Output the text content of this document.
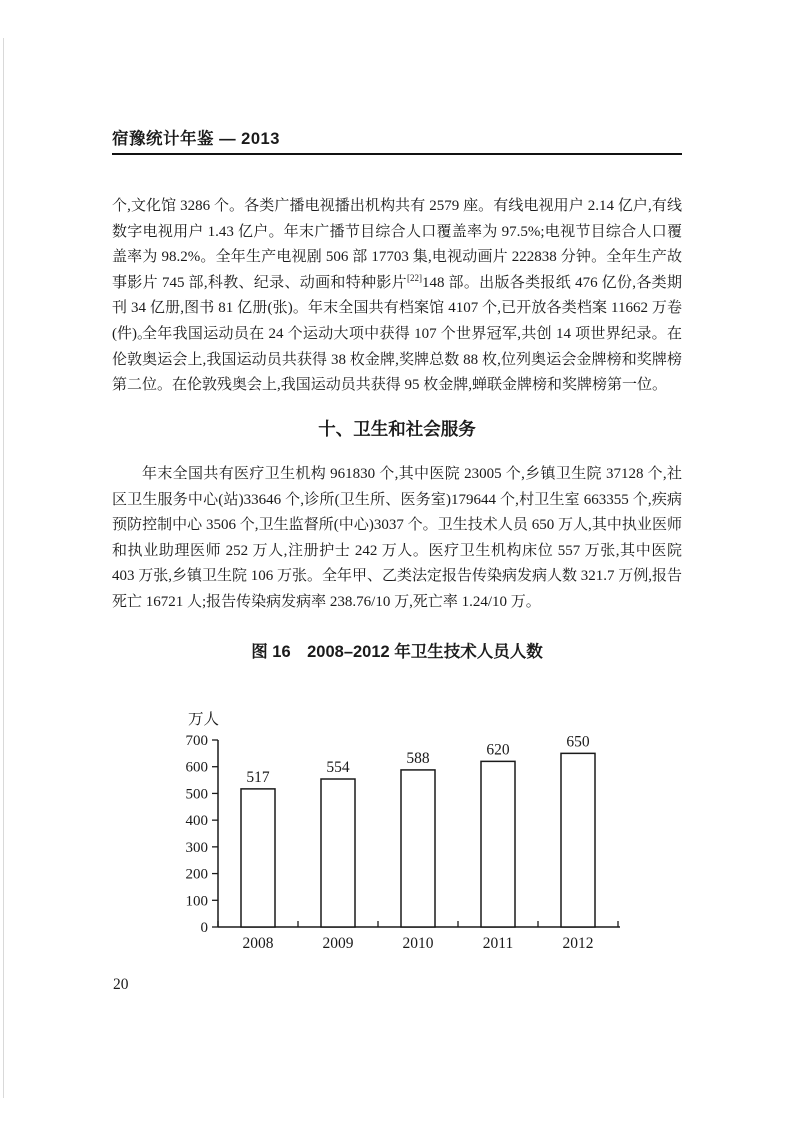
宿豫统计年鉴 — 2013

个,文化馆 3286 个。各类广播电视播出机构共有 2579 座。有线电视用户 2.14 亿户,有线数字电视用户 1.43 亿户。年末广播节目综合人口覆盖率为 97.5%;电视节目综合人口覆盖率为 98.2%。全年生产电视剧 506 部 17703 集,电视动画片 222838 分钟。全年生产故事影片 745 部,科教、纪录、动画和特种影片[22]148 部。出版各类报纸 476 亿份,各类期刊 34 亿册,图书 81 亿册(张)。年末全国共有档案馆 4107 个,已开放各类档案 11662 万卷(件)。

全年我国运动员在 24 个运动大项中获得 107 个世界冠军,共创 14 项世界纪录。在伦敦奥运会上,我国运动员共获得 38 枚金牌,奖牌总数 88 枚,位列奥运会金牌榜和奖牌榜第二位。在伦敦残奥会上,我国运动员共获得 95 枚金牌,蝉联金牌榜和奖牌榜第一位。

十、卫生和社会服务

年末全国共有医疗卫生机构 961830 个,其中医院 23005 个,乡镇卫生院 37128 个,社区卫生服务中心(站)33646 个,诊所(卫生所、医务室)179644 个,村卫生室 663355 个,疾病预防控制中心 3506 个,卫生监督所(中心)3037 个。卫生技术人员 650 万人,其中执业医师和执业助理医师 252 万人,注册护士 242 万人。医疗卫生机构床位 557 万张,其中医院 403 万张,乡镇卫生院 106 万张。全年甲、乙类法定报告传染病发病人数 321.7 万例,报告死亡 16721 人;报告传染病发病率 238.76/10 万,死亡率 1.24/10 万。

图 16　2008–2012 年卫生技术人员人数
万人
0
100
200
300
400
500
600
700
517
2008
554
2009
588
2010
620
2011
650
2012
20
